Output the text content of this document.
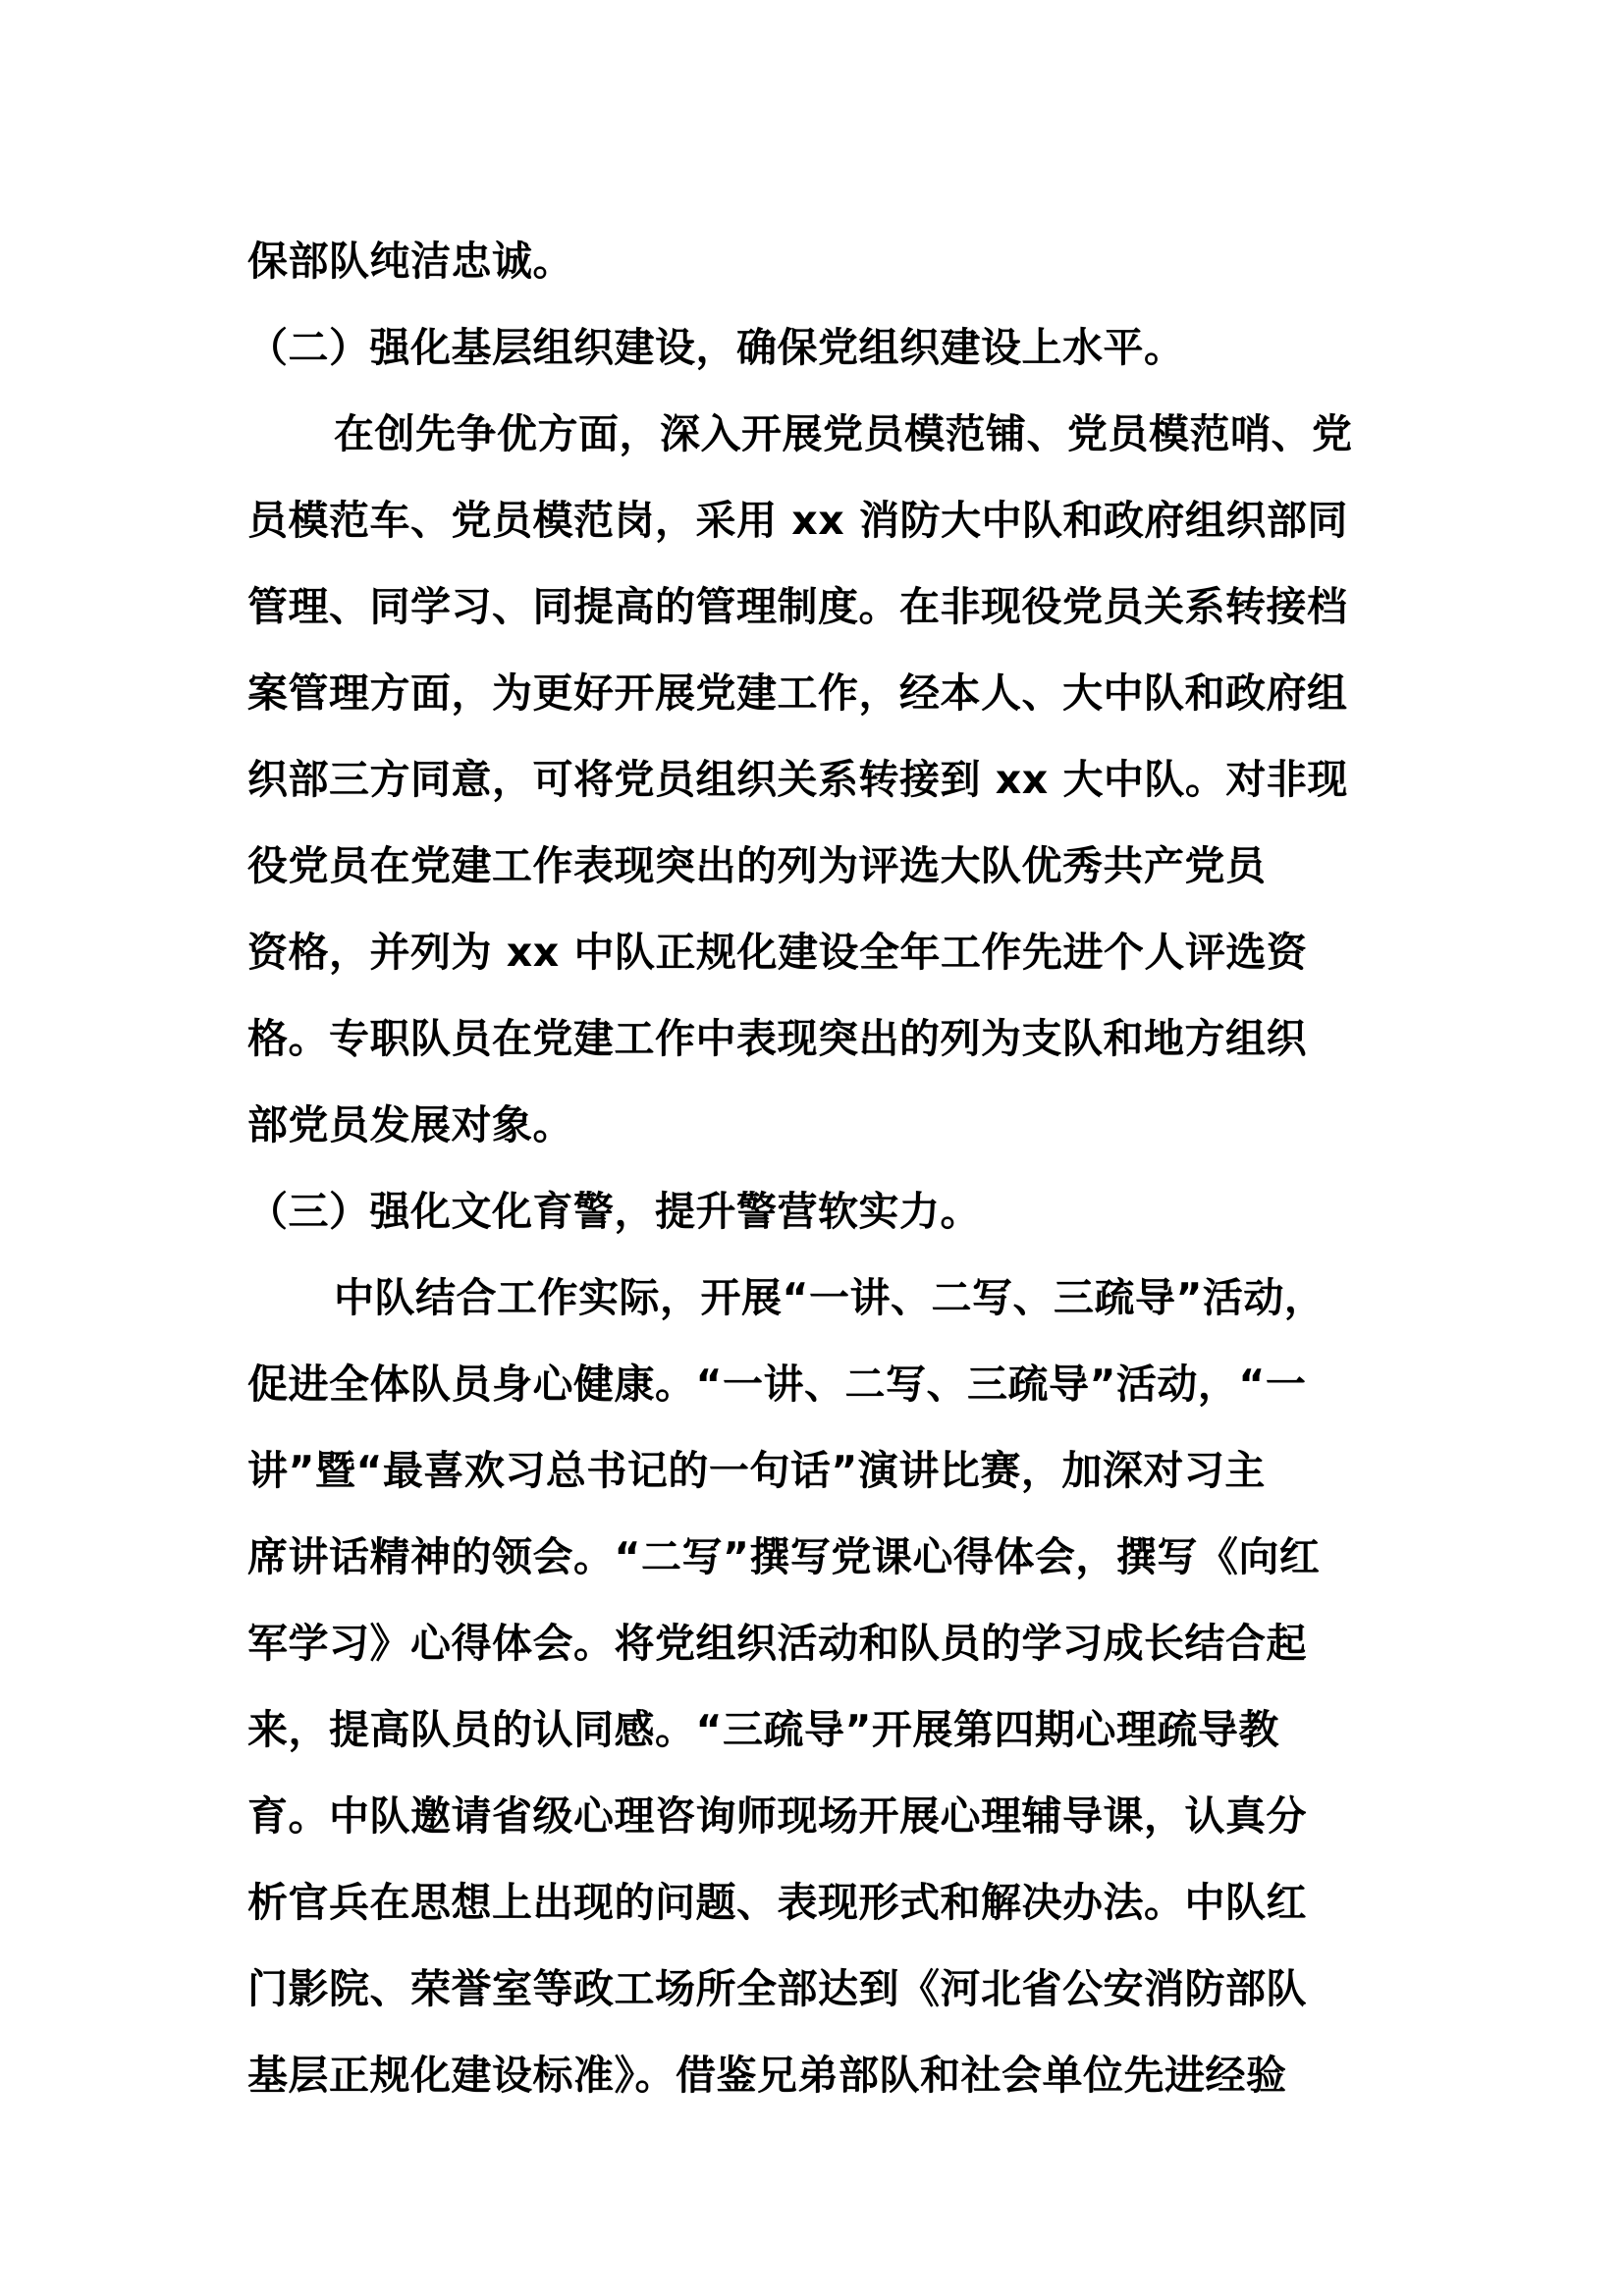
保部队纯洁忠诚。
（二）强化基层组织建设，确保党组织建设上水平。
在创先争优方面，深入开展党员模范铺、党员模范哨、党
员模范车、党员模范岗，采用 xx 消防大中队和政府组织部同
管理、同学习、同提高的管理制度。在非现役党员关系转接档
案管理方面，为更好开展党建工作，经本人、大中队和政府组
织部三方同意，可将党员组织关系转接到 xx 大中队。对非现
役党员在党建工作表现突出的列为评选大队优秀共产党员
资格，并列为 xx 中队正规化建设全年工作先进个人评选资
格。专职队员在党建工作中表现突出的列为支队和地方组织
部党员发展对象。
（三）强化文化育警，提升警营软实力。
中队结合工作实际，开展“一讲、二写、三疏导”活动，
促进全体队员身心健康。“一讲、二写、三疏导”活动，“一
讲”暨“最喜欢习总书记的一句话”演讲比赛，加深对习主
席讲话精神的领会。“二写”撰写党课心得体会，撰写《向红
军学习》心得体会。将党组织活动和队员的学习成长结合起
来，提高队员的认同感。“三疏导”开展第四期心理疏导教
育。中队邀请省级心理咨询师现场开展心理辅导课，认真分
析官兵在思想上出现的问题、表现形式和解决办法。中队红
门影院、荣誉室等政工场所全部达到《河北省公安消防部队
基层正规化建设标准》。借鉴兄弟部队和社会单位先进经验
